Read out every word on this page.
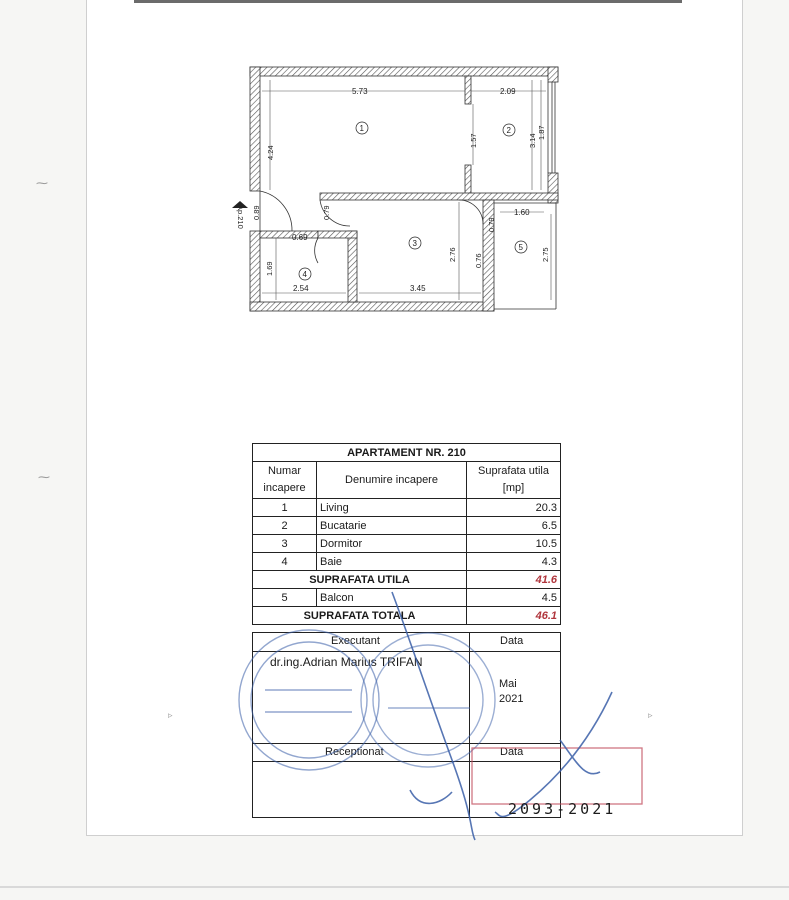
⁓
⁓
▹	▹
Ap.210
5.73	2.09
4.24
1.57	3.14
1.87
0.89	0.79
0.69
1.69
2.54	3.45
2.76
0.79
0.76
1.60
2.75
1	2
3
4
5
APARTAMENT NR. 210		
Numar incapere	Denumire incapere	Suprafata utila [mp]
1	Living	20.3
2	Bucatarie	6.5
3	Dormitor	10.5
4	Baie	4.3
SUPRAFATA UTILA		41.6
5	Balcon	4.5
SUPRAFATA TOTALA		46.1
Executant	Data
dr.ing.Adrian Marius TRIFAN
Mai 2021
Receptionat	Data
2093-2021
